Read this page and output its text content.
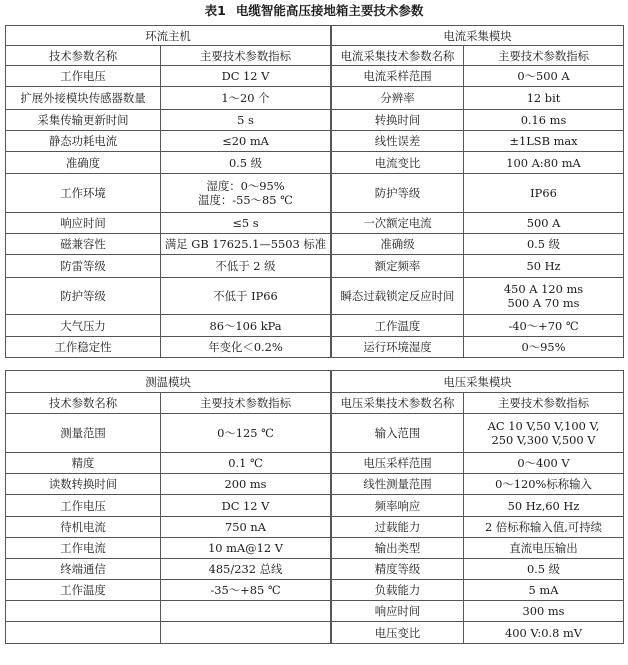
表1 电缆智能高压接地箱主要技术参数
环流主机	
技术参数名称	主要技术参数指标
工作电压	DC 12 V
扩展外接模块传感器数量	1～20 个
采集传输更新时间	5 s
静态功耗电流	≤20 mA
准确度	0.5 级
工作环境	湿度：0～95%
温度：-55～85 ℃

响应时间	≤5 s
磁兼容性	满足 GB 17625.1—5503 标准
防雷等级	不低于 2 级
防护等级	不低于 IP66
大气压力	86～106 kPa
工作稳定性	年变化＜0.2%
电流采集模块	
电流采集技术参数名称	主要技术参数指标
电流采样范围	0～500 A
分辨率	12 bit
转换时间	0.16 ms
线性误差	±1LSB max
电流变比	100 A:80 mA
防护等级	IP66
一次额定电流	500 A
准确级	0.5 级
额定频率	50 Hz
瞬态过载锁定反应时间	450 A 120 ms
500 A 70 ms

工作温度	-40～+70 ℃
运行环境湿度	0～95%
测温模块	
技术参数名称	主要技术参数指标
测量范围	0～125 ℃
精度	0.1 ℃
读数转换时间	200 ms
工作电压	DC 12 V
待机电流	750 nA
工作电流	10 mA@12 V
终端通信	485/232 总线
工作温度	-35～+85 ℃

电压采集模块	
电压采集技术参数名称	主要技术参数指标
输入范围	AC 10 V,50 V,100 V,
250 V,300 V,500 V

电压采样范围	0～400 V
线性测量范围	0～120%标称输入
频率响应	50 Hz,60 Hz
过载能力	2 倍标称输入值,可持续
输出类型	直流电压输出
精度等级	0.5 级
负载能力	5 mA
响应时间	300 ms
电压变比	400 V:0.8 mV
